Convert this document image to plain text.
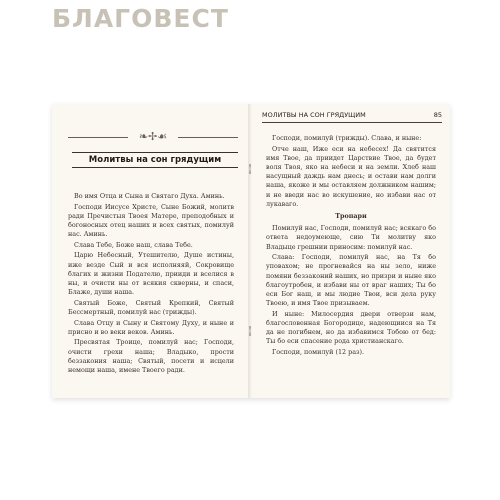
БЛАГОВЕСТ
❧✢☙
Молитвы на сон грядущим

Во имя Отца и Сына и Святаго Духа. Аминь.

Господи Иисусе Христе, Сыне Божий, молитв ради Пречистыя Твоея Матере, преподобных и богоносных отец наших и всех святых, помилуй нас. Аминь.

Слава Тебе, Боже наш, слава Тебе.

Царю Небесный, Утешителю, Душе истины, иже везде Сый и вся исполняяй, Сокровище благих и жизни Подателю, прииди и вселися в ны, и очисти ны от всякия скверны, и спаси, Блаже, души наша.

Святый Боже, Святый Крепкий, Святый Бессмертный, помилуй нас (трижды).

Слава Отцу и Сыну и Святому Духу, и ныне и присно и во веки веков. Аминь.

Пресвятая Троице, помилуй нас; Господи, очисти грехи наша; Владыко, прости беззакония наша; Святый, посети и исцели немощи наша, имене Твоего ради.

МОЛИТВЫ НА СОН ГРЯДУЩИМ	85

Господи, помилуй (трижды). Слава, и ныне:

Отче наш, Иже еси на небесех! Да святится имя Твое, да приидет Царствие Твое, да будет воля Твоя, яко на небеси и на земли. Хлеб наш насущный даждь нам днесь; и остави нам долги наша, якоже и мы оставляем должником нашим; и не введи нас во искушение, но избави нас от лукаваго.

Тропари

Помилуй нас, Господи, помилуй нас; всякаго бо ответа недоумеюще, сию Ти молитву яко Владыце грешнии приносим: помилуй нас.

Слава: Господи, помилуй нас, на Тя бо уповахом; не прогневайся на ны зело, ниже помяни беззаконий наших, но призри и ныне яко благоутробен, и избави ны от враг наших; Ты бо еси Бог наш, и мы людие Твои, вси дела руку Твоею, и имя Твое призываем.

И ныне: Милосердия двери отверзи нам, благословенная Богородице, надеющиися на Тя да не погибнем, но да избавимся Тобою от бед: Ты бо еси спасение рода христианскаго.

Господи, помилуй (12 раз).
